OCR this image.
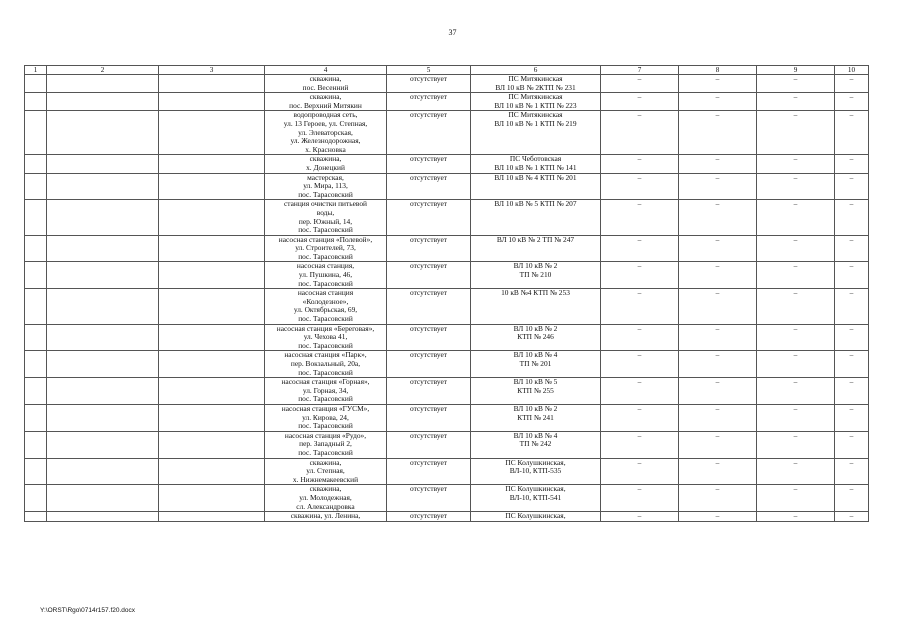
37
1	2	3	4	5	6	7	8	9	10

			скважина,
пос. Весенний	отсутствует	ПС Митякинская
ВЛ 10 кВ № 2КТП № 231	–	–	–	–

			скважина,
пос. Верхний Митякин	отсутствует	ПС Митякинская
ВЛ 10 кВ № 1 КТП № 223	–	–	–	–

			водопроводная сеть,
ул. 13 Героев, ул. Степная,
ул. Элеваторская,
ул. Железнодорожная,
х. Красновка	отсутствует	ПС Митякинская
ВЛ 10 кВ № 1 КТП № 219	–	–	–	–

			скважина,
х. Донецкий	отсутствует	ПС Чеботовская
ВЛ 10 кВ № 1 КТП № 141	–	–	–	–

			мастерская,
ул. Мира, 113,
пос. Тарасовский	отсутствует	ВЛ 10 кВ № 4 КТП № 201	–	–	–	–

			станция очистки питьевой
воды,
пер. Южный, 14,
пос. Тарасовский	отсутствует	ВЛ 10 кВ № 5 КТП № 207	–	–	–	–

			насосная станция «Полевой»,
ул. Строителей, 73,
пос. Тарасовский	отсутствует	ВЛ 10 кВ № 2 ТП № 247	–	–	–	–

			насосная станция,
ул. Пушкина, 46,
пос. Тарасовский	отсутствует	ВЛ 10 кВ № 2
ТП № 210	–	–	–	–

			насосная станция
«Колодезное»,
ул. Октябрьская, 69,
пос. Тарасовский	отсутствует	10 кВ №4 КТП № 253	–	–	–	–

			насосная станция «Береговая»,
ул. Чехова 41,
пос. Тарасовский	отсутствует	ВЛ 10 кВ № 2
КТП № 246	–	–	–	–

			насосная станция «Парк»,
пер. Вокзальный, 20а,
пос. Тарасовский	отсутствует	ВЛ 10 кВ № 4
ТП № 201	–	–	–	–

			насосная станция «Горная»,
ул. Горная, 34,
пос. Тарасовский	отсутствует	ВЛ 10 кВ № 5
КТП № 255	–	–	–	–

			насосная станция «ГУСМ»,
ул. Кирова, 24,
пос. Тарасовский	отсутствует	ВЛ 10 кВ № 2
КТП № 241	–	–	–	–

			насосная станция «Рудо»,
пер. Западный 2,
пос. Тарасовский	отсутствует	ВЛ 10 кВ № 4
ТП № 242	–	–	–	–

			скважина,
ул. Степная,
х. Нижнемакеевский	отсутствует	ПС Колушкинская,
ВЛ-10, КТП-535	–	–	–	–

			скважина,
ул. Молодежная,
сл. Александровка	отсутствует	ПС Колушкинская,
ВЛ-10, КТП-541	–	–	–	–

			скважина, ул. Ленина,	отсутствует	ПС Колушкинская,	–	–	–	–
Y:\ORST\Rgo\0714r157.f20.docx
